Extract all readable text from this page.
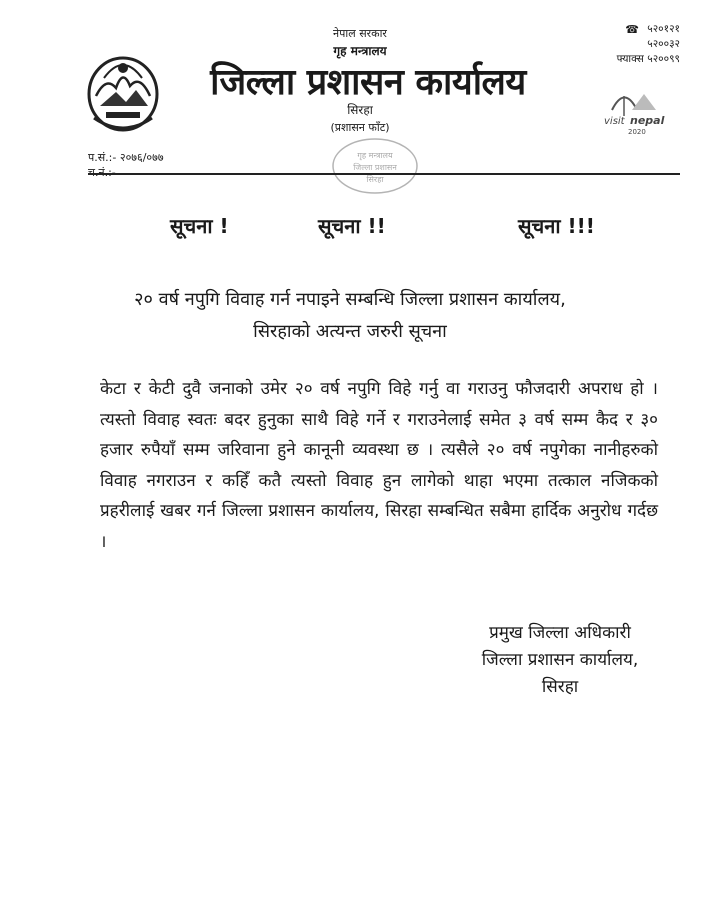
नेपाल सरकार
गृह मन्त्रालय
जिल्ला प्रशासन कार्यालय
सिरहा
(प्रशासन फाँट)
☎ ५२०१२१
५२००३२
फ्याक्स
५२००९९
visit nepal
2020
प.सं.:- २०७६/०७७
च.नं.:-
गृह मन्त्रालय
जिल्ला प्रशासन
सिरहा
सूचना !	सूचना !!	सूचना !!!
२० वर्ष नपुगि विवाह गर्न नपाइने सम्बन्धि जिल्ला प्रशासन कार्यालय, सिरहाको अत्यन्त जरुरी सूचना
केटा र केटी दुवै जनाको उमेर २० वर्ष नपुगि विहे गर्नु वा गराउनु फौजदारी अपराध हो । त्यस्तो विवाह स्वतः बदर हुनुका साथै विहे गर्ने र गराउनेलाई समेत ३ वर्ष सम्म कैद र ३० हजार रुपैयाँ सम्म जरिवाना हुने कानूनी व्यवस्था छ । त्यसैले २० वर्ष नपुगेका नानीहरुको विवाह नगराउन र कहिँ कतै त्यस्तो विवाह हुन लागेको थाहा भएमा तत्काल नजिकको प्रहरीलाई खबर गर्न जिल्ला प्रशासन कार्यालय, सिरहा सम्बन्धित सबैमा हार्दिक अनुरोध गर्दछ ।
प्रमुख जिल्ला अधिकारी
जिल्ला प्रशासन कार्यालय,
सिरहा
